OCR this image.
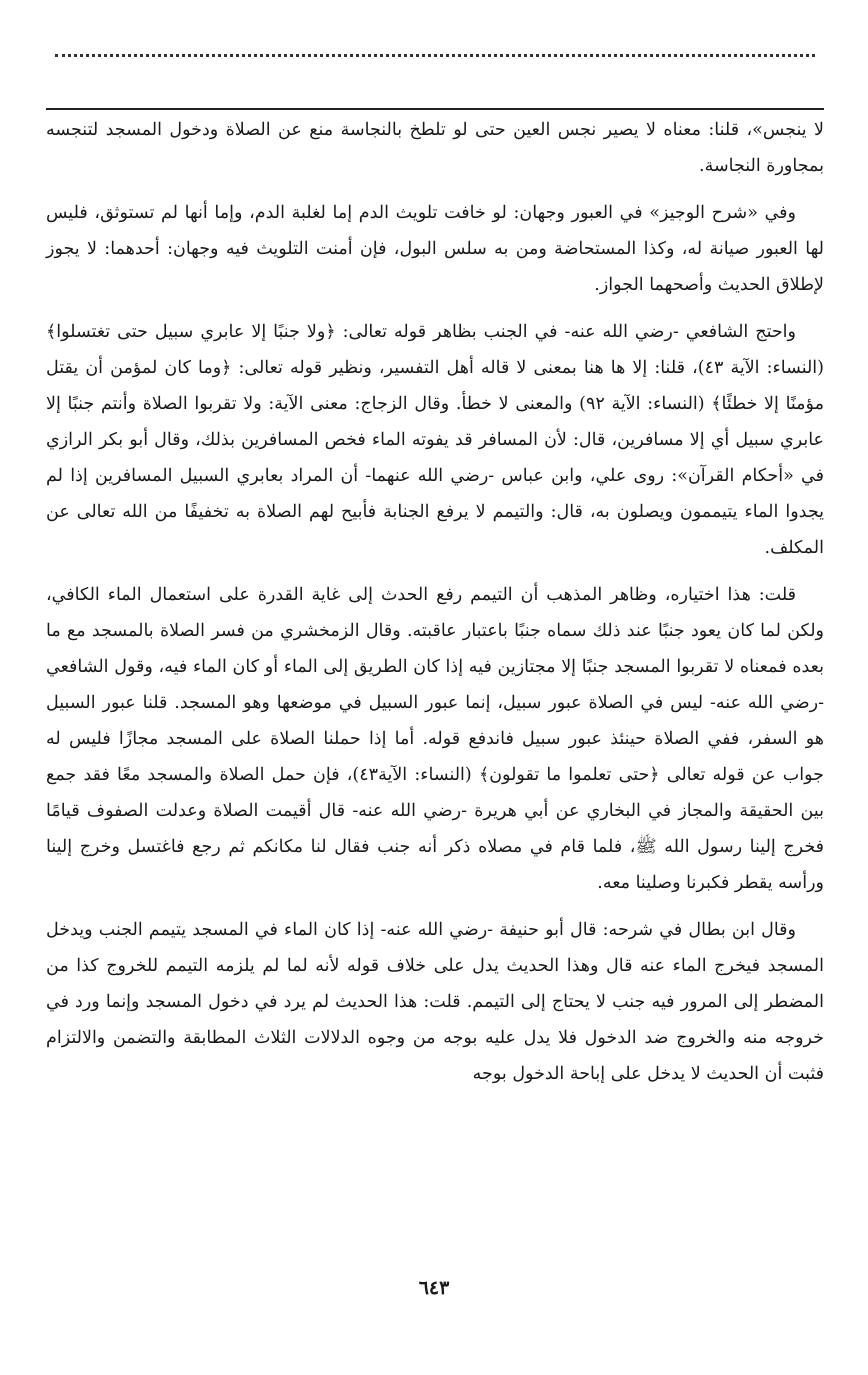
لا ينجس»، قلنا: معناه لا يصير نجس العين حتى لو تلطخ بالنجاسة منع عن الصلاة ودخول المسجد لتنجسه بمجاورة النجاسة.

وفي «شرح الوجيز» في العبور وجهان: لو خافت تلويث الدم إما لغلبة الدم، وإما أنها لم تستوثق، فليس لها العبور صيانة له، وكذا المستحاضة ومن به سلس البول، فإن أمنت التلويث فيه وجهان: أحدهما: لا يجوز لإطلاق الحديث وأصحهما الجواز.

واحتج الشافعي -رضي الله عنه- في الجنب بظاهر قوله تعالى: ﴿ولا جنبًا إلا عابري سبيل حتى تغتسلوا﴾ (النساء: الآية ٤٣)، قلنا: إلا ها هنا بمعنى لا قاله أهل التفسير، ونظير قوله تعالى: ﴿وما كان لمؤمن أن يقتل مؤمنًا إلا خطئًا﴾ (النساء: الآية ٩٢) والمعنى لا خطأ. وقال الزجاج: معنى الآية: ولا تقربوا الصلاة وأنتم جنبًا إلا عابري سبيل أي إلا مسافرين، قال: لأن المسافر قد يفوته الماء فخص المسافرين بذلك، وقال أبو بكر الرازي في «أحكام القرآن»: روى علي، وابن عباس -رضي الله عنهما- أن المراد بعابري السبيل المسافرين إذا لم يجدوا الماء يتيممون ويصلون به، قال: والتيمم لا يرفع الجنابة فأبيح لهم الصلاة به تخفيفًا من الله تعالى عن المكلف.

قلت: هذا اختياره، وظاهر المذهب أن التيمم رفع الحدث إلى غاية القدرة على استعمال الماء الكافي، ولكن لما كان يعود جنبًا عند ذلك سماه جنبًا باعتبار عاقبته. وقال الزمخشري من فسر الصلاة بالمسجد مع ما بعده فمعناه لا تقربوا المسجد جنبًا إلا مجتازين فيه إذا كان الطريق إلى الماء أو كان الماء فيه، وقول الشافعي -رضي الله عنه- ليس في الصلاة عبور سبيل، إنما عبور السبيل في موضعها وهو المسجد. قلنا عبور السبيل هو السفر، ففي الصلاة حينئذ عبور سبيل فاندفع قوله. أما إذا حملنا الصلاة على المسجد مجازًا فليس له جواب عن قوله تعالى ﴿حتى تعلموا ما تقولون﴾ (النساء: الآية٤٣)، فإن حمل الصلاة والمسجد معًا فقد جمع بين الحقيقة والمجاز في البخاري عن أبي هريرة -رضي الله عنه- قال أقيمت الصلاة وعدلت الصفوف قيامًا فخرج إلينا رسول الله ﷺ، فلما قام في مصلاه ذكر أنه جنب فقال لنا مكانكم ثم رجع فاغتسل وخرج إلينا ورأسه يقطر فكبرنا وصلينا معه.

وقال ابن بطال في شرحه: قال أبو حنيفة -رضي الله عنه- إذا كان الماء في المسجد يتيمم الجنب ويدخل المسجد فيخرج الماء عنه قال وهذا الحديث يدل على خلاف قوله لأنه لما لم يلزمه التيمم للخروج كذا من المضطر إلى المرور فيه جنب لا يحتاج إلى التيمم. قلت: هذا الحديث لم يرد في دخول المسجد وإنما ورد في خروجه منه والخروج ضد الدخول فلا يدل عليه بوجه من وجوه الدلالات الثلاث المطابقة والتضمن والالتزام فثبت أن الحديث لا يدخل على إباحة الدخول بوجه

٦٤٣
